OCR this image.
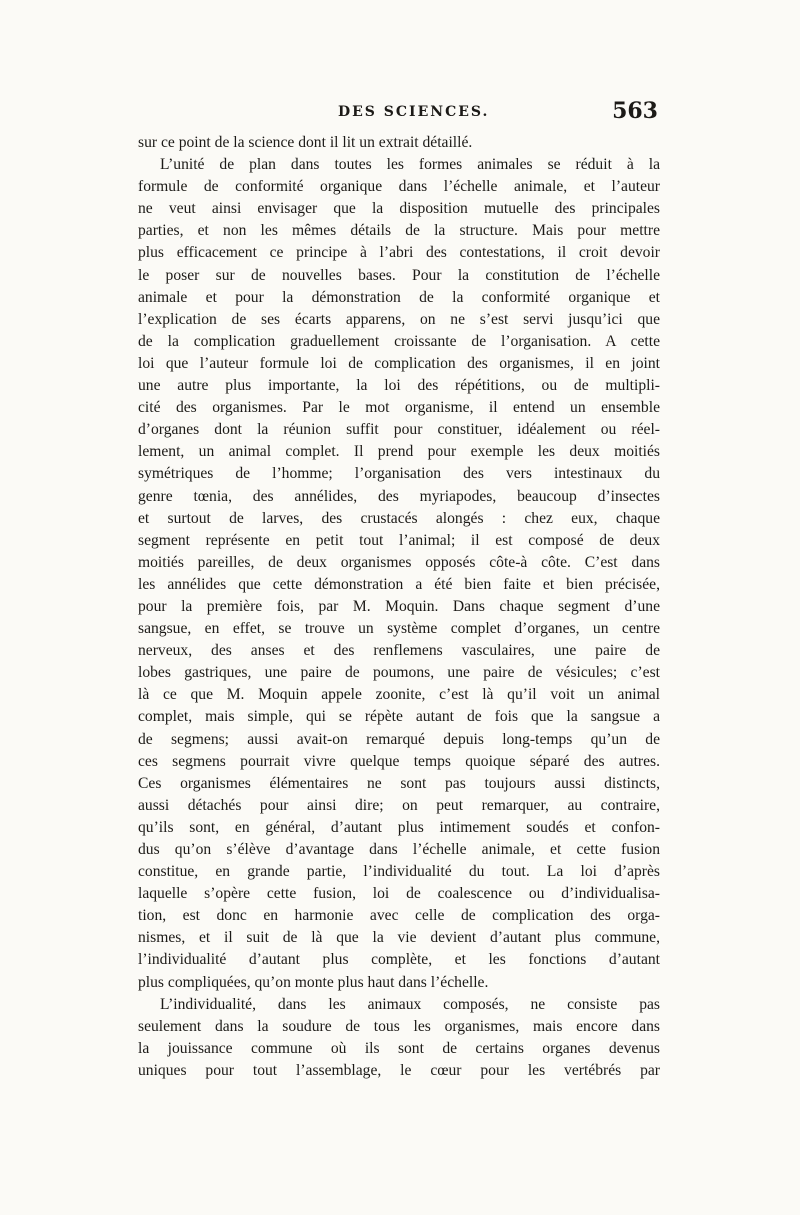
DES SCIENCES.	563
sur ce point de la science dont il lit un extrait détaillé.
L’unité de plan dans toutes les formes animales se réduit à la
formule de conformité organique dans l’échelle animale, et l’auteur
ne veut ainsi envisager que la disposition mutuelle des principales
parties, et non les mêmes détails de la structure. Mais pour mettre
plus efficacement ce principe à l’abri des contestations, il croit devoir
le poser sur de nouvelles bases. Pour la constitution de l’échelle
animale et pour la démonstration de la conformité organique et
l’explication de ses écarts apparens, on ne s’est servi jusqu’ici que
de la complication graduellement croissante de l’organisation. A cette
loi que l’auteur formule loi de complication des organismes, il en joint
une autre plus importante, la loi des répétitions, ou de multipli-
cité des organismes. Par le mot organisme, il entend un ensemble
d’organes dont la réunion suffit pour constituer, idéalement ou réel-
lement, un animal complet. Il prend pour exemple les deux moitiés
symétriques de l’homme; l’organisation des vers intestinaux du
genre tœnia, des annélides, des myriapodes, beaucoup d’insectes
et surtout de larves, des crustacés alongés : chez eux, chaque
segment représente en petit tout l’animal; il est composé de deux
moitiés pareilles, de deux organismes opposés côte-à côte. C’est dans
les annélides que cette démonstration a été bien faite et bien précisée,
pour la première fois, par M. Moquin. Dans chaque segment d’une
sangsue, en effet, se trouve un système complet d’organes, un centre
nerveux, des anses et des renflemens vasculaires, une paire de
lobes gastriques, une paire de poumons, une paire de vésicules; c’est
là ce que M. Moquin appele zoonite, c’est là qu’il voit un animal
complet, mais simple, qui se répète autant de fois que la sangsue a
de segmens; aussi avait-on remarqué depuis long-temps qu’un de
ces segmens pourrait vivre quelque temps quoique séparé des autres.
Ces organismes élémentaires ne sont pas toujours aussi distincts,
aussi détachés pour ainsi dire; on peut remarquer, au contraire,
qu’ils sont, en général, d’autant plus intimement soudés et confon-
dus qu’on s’élève d’avantage dans l’échelle animale, et cette fusion
constitue, en grande partie, l’individualité du tout. La loi d’après
laquelle s’opère cette fusion, loi de coalescence ou d’individualisa-
tion, est donc en harmonie avec celle de complication des orga-
nismes, et il suit de là que la vie devient d’autant plus commune,
l’individualité d’autant plus complète, et les fonctions d’autant
plus compliquées, qu’on monte plus haut dans l’échelle.
L’individualité, dans les animaux composés, ne consiste pas
seulement dans la soudure de tous les organismes, mais encore dans
la jouissance commune où ils sont de certains organes devenus
uniques pour tout l’assemblage, le cœur pour les vertébrés par
